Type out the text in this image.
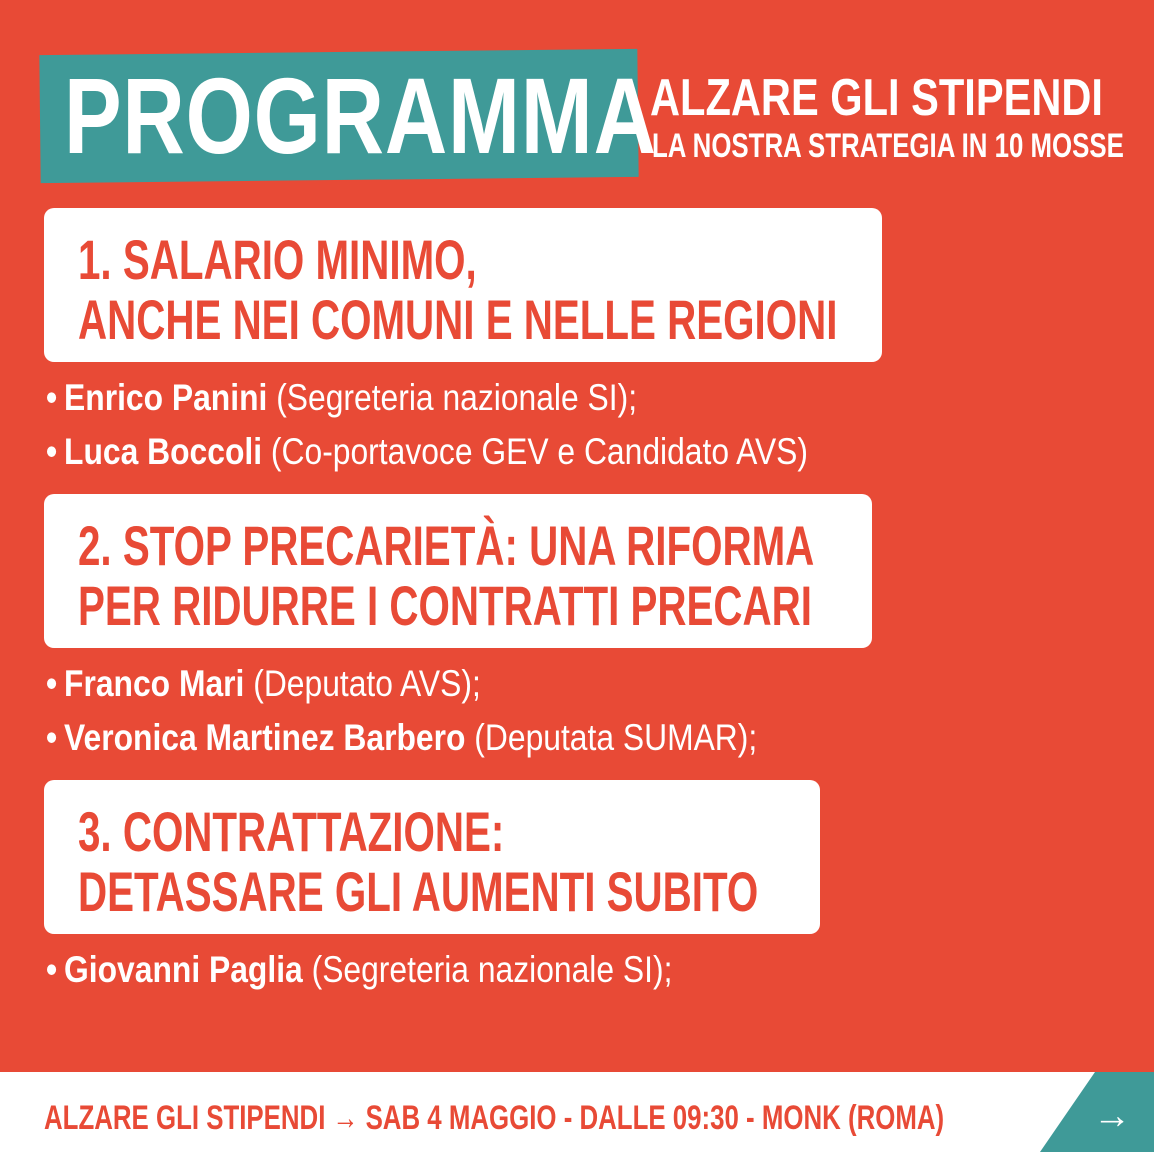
PROGRAMMA
ALZARE GLI STIPENDI
LA NOSTRA STRATEGIA IN 10 MOSSE
1. SALARIO MINIMO,
ANCHE NEI COMUNI E NELLE REGIONI
• Enrico Panini (Segreteria nazionale SI);
• Luca Boccoli (Co-portavoce GEV e Candidato AVS)
2. STOP PRECARIETÀ: UNA RIFORMA
PER RIDURRE I CONTRATTI PRECARI
• Franco Mari (Deputato AVS);
• Veronica Martinez Barbero (Deputata SUMAR);
3. CONTRATTAZIONE:
DETASSARE GLI AUMENTI SUBITO
• Giovanni Paglia (Segreteria nazionale SI);
ALZARE GLI STIPENDI → SAB 4 MAGGIO - DALLE 09:30 - MONK (ROMA)	→
